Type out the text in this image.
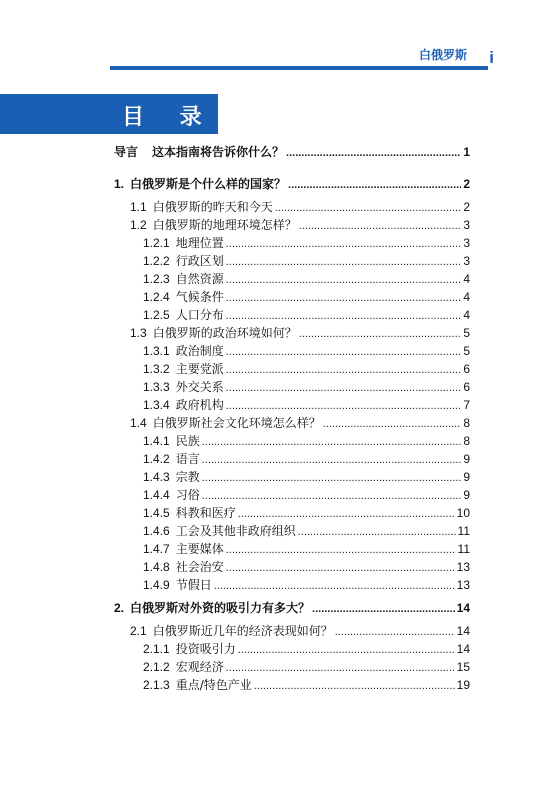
白俄罗斯 i
目 录
导言 这本指南将告诉你什么？ .....	1
1. 白俄罗斯是个什么样的国家？ .....	2
1.1 白俄罗斯的昨天和今天 .....	2
1.2 白俄罗斯的地理环境怎样？ .....	3
1.2.1 地理位置 .....	3
1.2.2 行政区划 .....	3
1.2.3 自然资源 .....	4
1.2.4 气候条件 .....	4
1.2.5 人口分布 .....	4
1.3 白俄罗斯的政治环境如何？ .....	5
1.3.1 政治制度 .....	5
1.3.2 主要党派 .....	6
1.3.3 外交关系 .....	6
1.3.4 政府机构 .....	7
1.4 白俄罗斯社会文化环境怎么样？ .....	8
1.4.1 民族 .....	8
1.4.2 语言 .....	9
1.4.3 宗教 .....	9
1.4.4 习俗 .....	9
1.4.5 科教和医疗 .....	10
1.4.6 工会及其他非政府组织 .....	11
1.4.7 主要媒体 .....	11
1.4.8 社会治安 .....	13
1.4.9 节假日 .....	13
2. 白俄罗斯对外资的吸引力有多大？ .....	14
2.1 白俄罗斯近几年的经济表现如何？ .....	14
2.1.1 投资吸引力 .....	14
2.1.2 宏观经济 .....	15
2.1.3 重点/特色产业 .....	19
